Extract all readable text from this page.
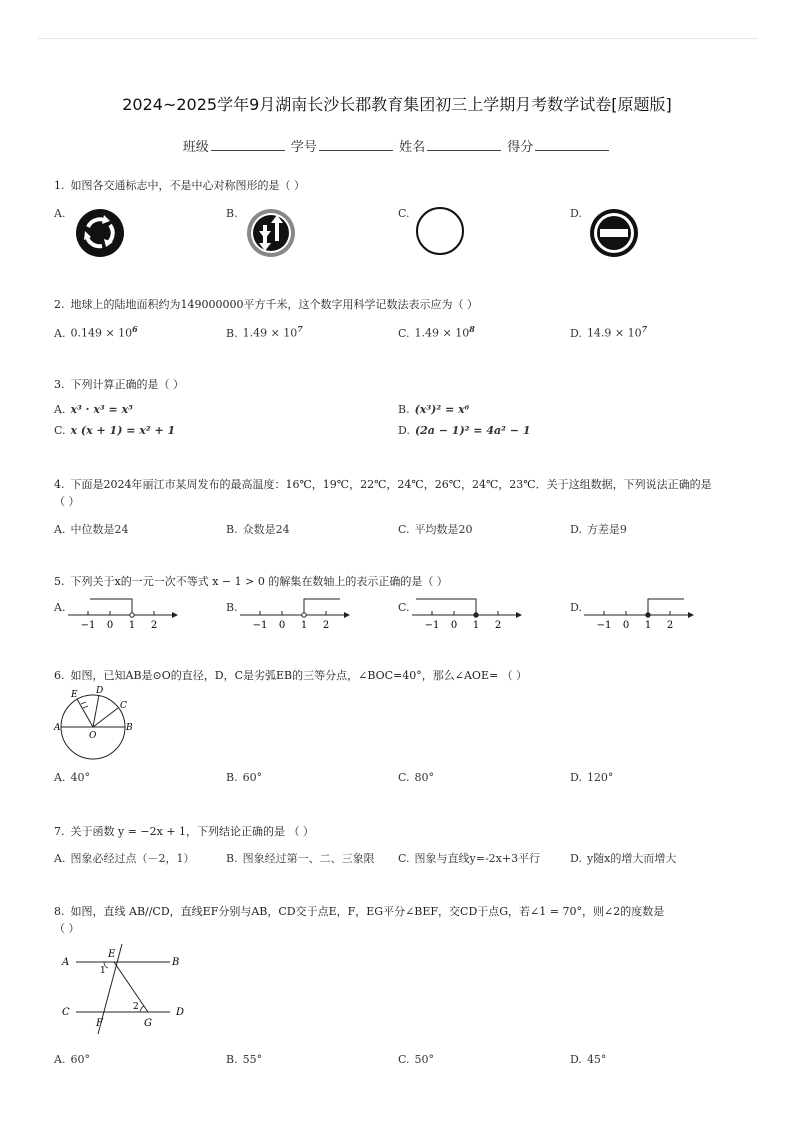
2024~2025学年9月湖南长沙长郡教育集团初三上学期月考数学试卷[原题版]
班级	学号	姓名	得分
1. 如图各交通标志中，不是中心对称图形的是（ ）
A.	B.	C.	D.
2. 地球上的陆地面积约为149000000平方千米，这个数字用科学记数法表示应为（ ）
A. $0.149 \times 10^6$	B. $1.49 \times 10^7$	C. $1.49 \times 10^8$	D. $14.9 \times 10^7$
3. 下列计算正确的是（ ）
A. x³ · x³ = x⁵	B. (x³)² = x⁶
C. x (x + 1) = x² + 1	D. (2a − 1)² = 4a² − 1
4. 下面是2024年丽江市某周发布的最高温度：16℃，19℃，22℃，24℃，26℃，24℃，23℃．关于这组数据，下列说法正确的是
（ ）
A. 中位数是24	B. 众数是24	C. 平均数是20	D. 方差是9
5. 下列关于x的一元一次不等式 x − 1 > 0 的解集在数轴上的表示正确的是（ ）
A.	B.	C.	D.
−1 0 1 2	−1 0 1 2	−1 0 1 2	−1 0 1 2
6. 如图，已知AB是⊙O的直径，D，C是劣弧EB的三等分点，∠BOC=40°，那么∠AOE= （ ）
E D
C
A	B
O
A. 40°	B. 60°	C. 80°	D. 120°
7. 关于函数 y = −2x + 1，下列结论正确的是 （ ）
A. 图象必经过点（－2，1）	B. 图象经过第一、二、三象限 C. 图象与直线y=-2x+3平行	D. y随x的增大而增大
8. 如图，直线 AB//CD，直线EF分别与AB，CD交于点E，F，EG平分∠BEF，交CD于点G，若∠1 = 70°，则∠2的度数是
（ ）
A
E
B
1
C
F
2
G
D
A. 60°	B. 55°	C. 50°	D. 45°
